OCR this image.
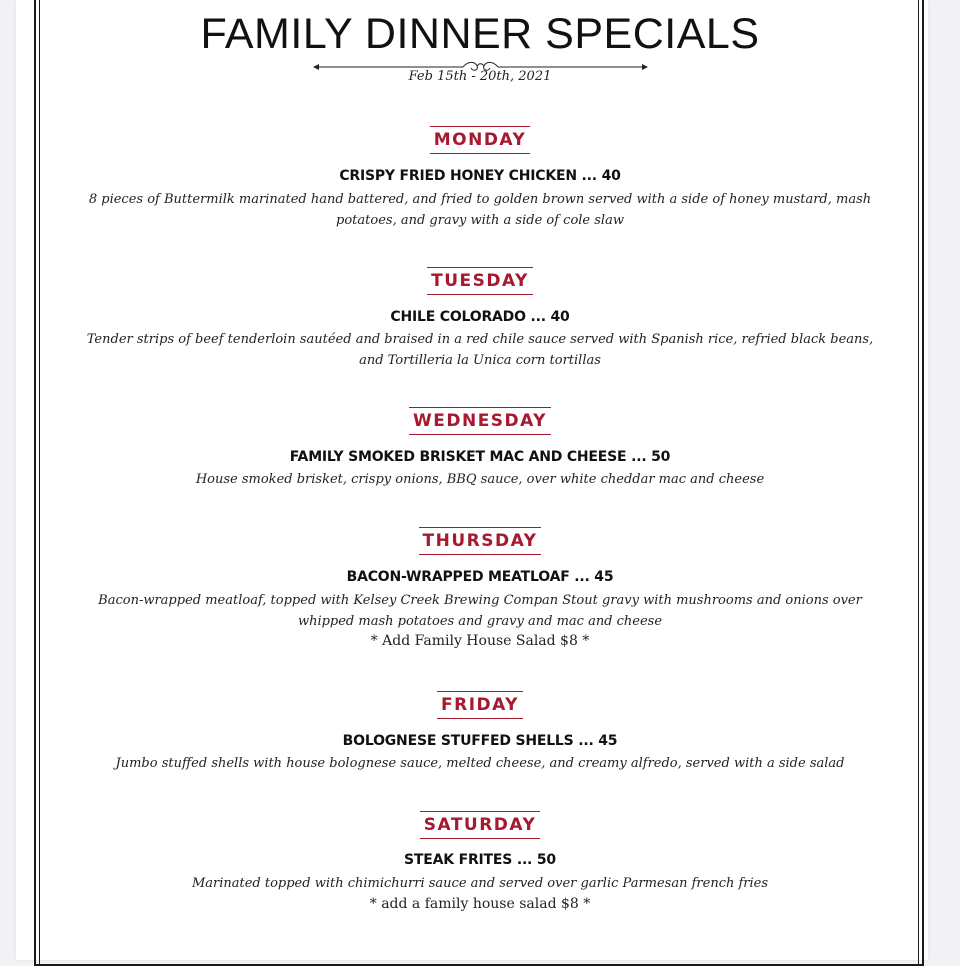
FAMILY DINNER SPECIALS
Feb 15th - 20th, 2021
MONDAY
CRISPY FRIED HONEY CHICKEN ... 40
8 pieces of Buttermilk marinated hand battered, and fried to golden brown served with a side of honey mustard, mash potatoes, and gravy with a side of cole slaw
TUESDAY
CHILE COLORADO ... 40
Tender strips of beef tenderloin sautéed and braised in a red chile sauce served with Spanish rice, refried black beans, and Tortilleria la Unica corn tortillas
WEDNESDAY
FAMILY SMOKED BRISKET MAC AND CHEESE ... 50
House smoked brisket, crispy onions, BBQ sauce, over white cheddar mac and cheese
THURSDAY
BACON-WRAPPED MEATLOAF ... 45
Bacon-wrapped meatloaf, topped with Kelsey Creek Brewing Compan Stout gravy with mushrooms and onions over whipped mash potatoes and gravy and mac and cheese
* Add Family House Salad $8 *
FRIDAY
BOLOGNESE STUFFED SHELLS ... 45
Jumbo stuffed shells with house bolognese sauce, melted cheese, and creamy alfredo, served with a side salad
SATURDAY
STEAK FRITES ... 50
Marinated topped with chimichurri sauce and served over garlic Parmesan french fries
* add a family house salad $8 *
